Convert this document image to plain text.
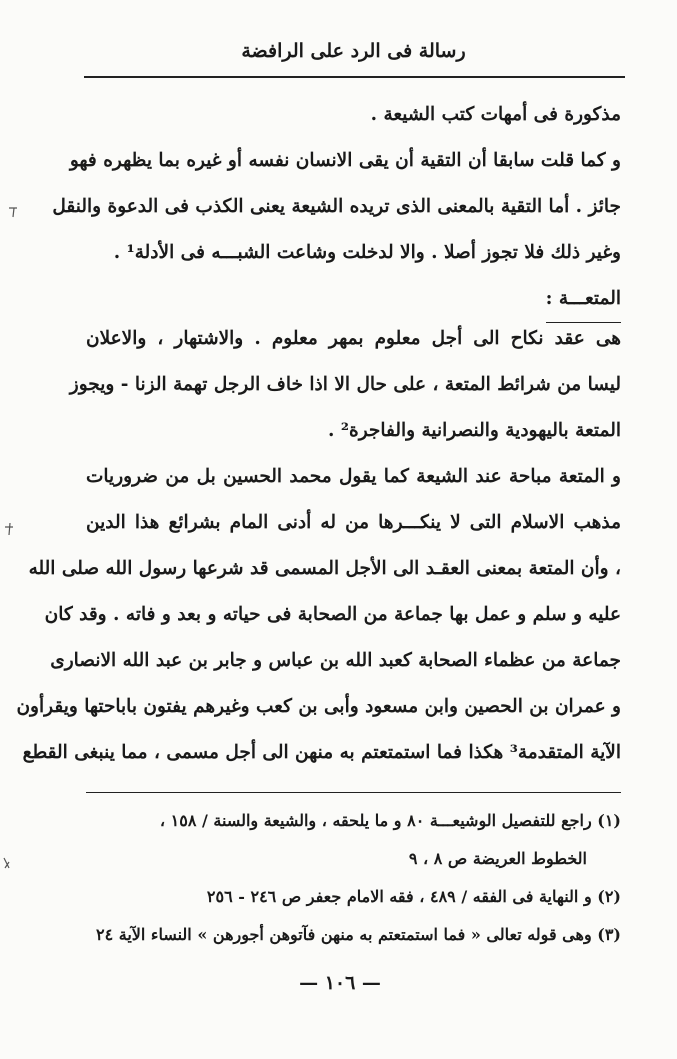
رسالة فى الرد على الرافضة
مذكورة فى أمهات كتب الشيعة .
و كما قلت سابقا أن التقية أن يقى الانسان نفسه أو غيره بما يظهره فهو
جائز . أما التقية بالمعنى الذى تريده الشيعة يعنى الكذب فى الدعوة والنقل
وغير ذلك فلا تجوز أصلا . والا لدخلت وشاعت الشبـــه فى الأدلة¹ .
المتعـــة :
هى عقد نكاح الى أجل معلوم بمهر معلوم . والاشتهار ، والاعلان
ليسا من شرائط المتعة ، على حال الا اذا خاف الرجل تهمة الزنا - ويجوز
المتعة باليهودية والنصرانية والفاجرة² .
و المتعة مباحة عند الشيعة كما يقول محمد الحسين بل من ضروريات
مذهب الاسلام التى لا ينكـــرها من له أدنى المام بشرائع هذا الدين
، وأن المتعة بمعنى العقـد الى الأجل المسمى قد شرعها رسول الله صلى الله
عليه و سلم و عمل بها جماعة من الصحابة فى حياته و بعد و فاته . وقد كان
جماعة من عظماء الصحابة كعبد الله بن عباس و جابر بن عبد الله الانصارى
و عمران بن الحصين وابن مسعود وأبى بن كعب وغيرهم يفتون باباحتها ويقرأون
الآية المتقدمة³ هكذا فما استمتعتم به منهن الى أجل مسمى ، مما ينبغى القطع
(١) راجع للتفصيل الوشيعـــة ٨٠ و ما يلحقه ، والشيعة والسنة / ١٥٨ ،
الخطوط العريضة ص ٨ ، ٩
(٢) و النهاية فى الفقه / ٤٨٩ ، فقه الامام جعفر ص ٢٤٦ - ٢٥٦
(٣) وهى قوله تعالى « فما استمتعتم به منهن فآتوهن أجورهن » النساء الآية ٢٤
— ١٠٦ —
